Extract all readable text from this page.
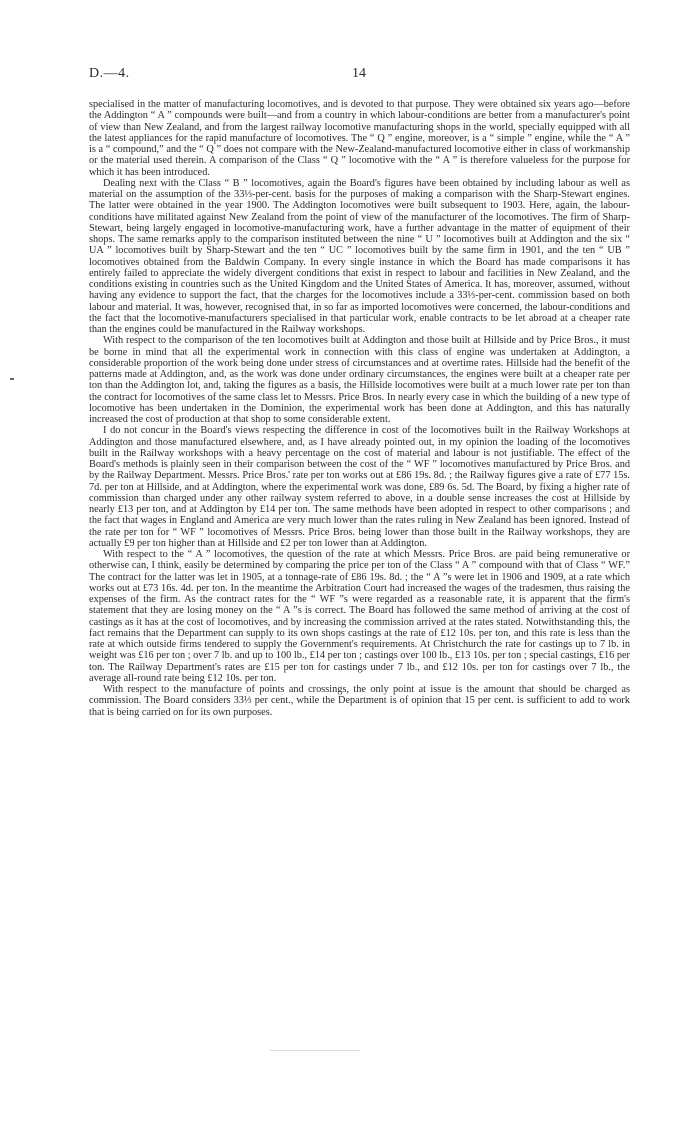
D.—4.	14

specialised in the matter of manufacturing locomotives, and is devoted to that purpose. They were obtained six years ago—before the Addington “ A ” compounds were built—and from a country in which labour-conditions are better from a manufacturer's point of view than New Zealand, and from the largest railway locomotive manufacturing shops in the world, specially equipped with all the latest appliances for the rapid manufacture of locomotives. The “ Q ” engine, moreover, is a “ simple ” engine, while the “ A ” is a “ compound,” and the “ Q ” does not compare with the New-Zealand-manufactured locomotive either in class of workmanship or the material used therein. A comparison of the Class “ Q ” locomotive with the “ A ” is therefore valueless for the purpose for which it has been introduced.

Dealing next with the Class “ B ” locomotives, again the Board's figures have been obtained by including labour as well as material on the assumption of the 33⅓-per-cent. basis for the purposes of making a comparison with the Sharp-Stewart engines. The latter were obtained in the year 1900. The Addington locomotives were built subsequent to 1903. Here, again, the labour-conditions have militated against New Zealand from the point of view of the manufacturer of the locomotives. The firm of Sharp-Stewart, being largely engaged in locomotive-manufacturing work, have a further advantage in the matter of equipment of their shops. The same remarks apply to the comparison instituted between the nine “ U ” locomotives built at Addington and the six “ UA ” locomotives built by Sharp-Stewart and the ten “ UC ” locomotives built by the same firm in 1901, and the ten “ UB ” locomotives obtained from the Baldwin Company. In every single instance in which the Board has made comparisons it has entirely failed to appreciate the widely divergent conditions that exist in respect to labour and facilities in New Zealand, and the conditions existing in countries such as the United Kingdom and the United States of America. It has, moreover, assumed, without having any evidence to support the fact, that the charges for the locomotives include a 33⅓-per-cent. commission based on both labour and material. It was, however, recognised that, in so far as imported locomotives were concerned, the labour-conditions and the fact that the locomotive-manufacturers specialised in that particular work, enable contracts to be let abroad at a cheaper rate than the engines could be manufactured in the Railway workshops.

With respect to the comparison of the ten locomotives built at Addington and those built at Hillside and by Price Bros., it must be borne in mind that all the experimental work in connection with this class of engine was undertaken at Addington, a considerable proportion of the work being done under stress of circumstances and at overtime rates. Hillside had the benefit of the patterns made at Addington, and, as the work was done under ordinary circumstances, the engines were built at a cheaper rate per ton than the Addington lot, and, taking the figures as a basis, the Hillside locomotives were built at a much lower rate per ton than the contract for locomotives of the same class let to Messrs. Price Bros. In nearly every case in which the building of a new type of locomotive has been undertaken in the Dominion, the experimental work has been done at Addington, and this has naturally increased the cost of production at that shop to some considerable extent.

I do not concur in the Board's views respecting the difference in cost of the locomotives built in the Railway Workshops at Addington and those manufactured elsewhere, and, as I have already pointed out, in my opinion the loading of the locomotives built in the Railway workshops with a heavy percentage on the cost of material and labour is not justifiable. The effect of the Board's methods is plainly seen in their comparison between the cost of the “ WF ” locomotives manufactured by Price Bros. and by the Railway Department. Messrs. Price Bros.' rate per ton works out at £86 19s. 8d. ; the Railway figures give a rate of £77 15s. 7d. per ton at Hillside, and at Addington, where the experimental work was done, £89 6s. 5d. The Board, by fixing a higher rate of commission than charged under any other railway system referred to above, in a double sense increases the cost at Hillside by nearly £13 per ton, and at Addington by £14 per ton. The same methods have been adopted in respect to other comparisons ; and the fact that wages in England and America are very much lower than the rates ruling in New Zealand has been ignored. Instead of the rate per ton for “ WF ” locomotives of Messrs. Price Bros. being lower than those built in the Railway workshops, they are actually £9 per ton higher than at Hillside and £2 per ton lower than at Addington.

With respect to the “ A ” locomotives, the question of the rate at which Messrs. Price Bros. are paid being remunerative or otherwise can, I think, easily be determined by comparing the price per ton of the Class “ A ” compound with that of Class “ WF.” The contract for the latter was let in 1905, at a tonnage-rate of £86 19s. 8d. ; the “ A ”s were let in 1906 and 1909, at a rate which works out at £73 16s. 4d. per ton. In the meantime the Arbitration Court had increased the wages of the tradesmen, thus raising the expenses of the firm. As the contract rates for the “ WF ”s were regarded as a reasonable rate, it is apparent that the firm's statement that they are losing money on the “ A ”s is correct. The Board has followed the same method of arriving at the cost of castings as it has at the cost of locomotives, and by increasing the commission arrived at the rates stated. Notwithstanding this, the fact remains that the Department can supply to its own shops castings at the rate of £12 10s. per ton, and this rate is less than the rate at which outside firms tendered to supply the Government's requirements. At Christchurch the rate for castings up to 7 lb. in weight was £16 per ton ; over 7 lb. and up to 100 lb., £14 per ton ; castings over 100 lb., £13 10s. per ton ; special castings, £16 per ton. The Railway Department's rates are £15 per ton for castings under 7 lb., and £12 10s. per ton for castings over 7 lb., the average all-round rate being £12 10s. per ton.

With respect to the manufacture of points and crossings, the only point at issue is the amount that should be charged as commission. The Board considers 33⅓ per cent., while the Department is of opinion that 15 per cent. is sufficient to add to work that is being carried on for its own purposes.
